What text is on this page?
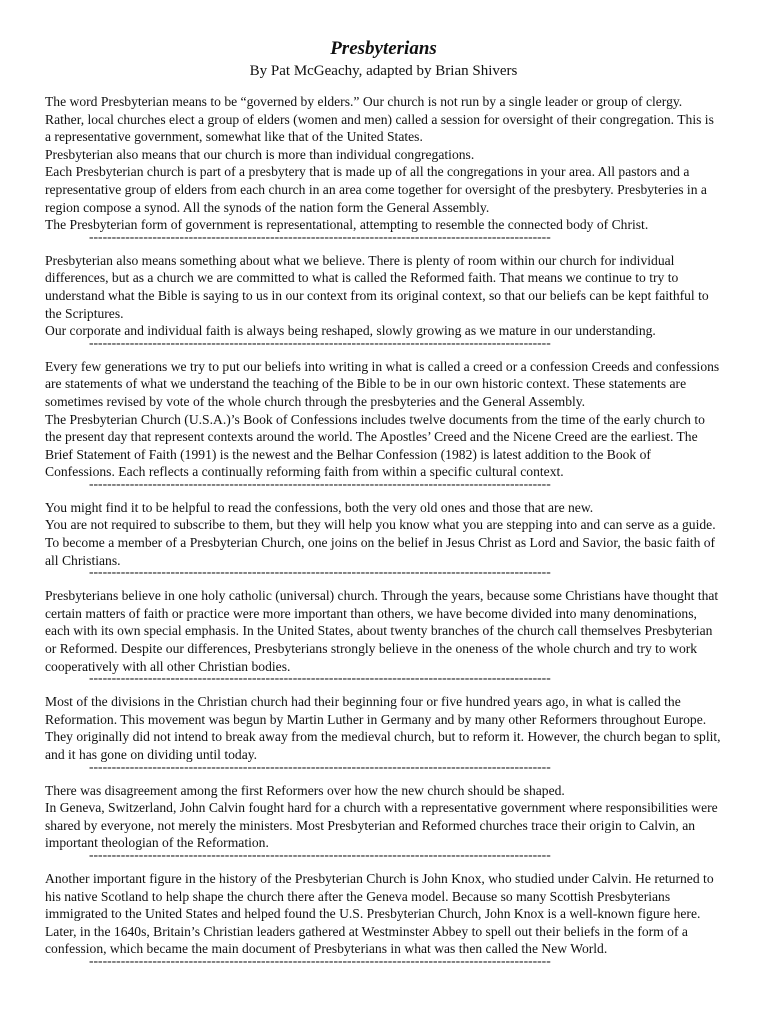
Presbyterians

By Pat McGeachy, adapted by Brian Shivers

The word Presbyterian means to be “governed by elders.” Our church is not run by a single leader or group of clergy. Rather, local churches elect a group of elders (women and men) called a session for oversight of their congregation. This is a representative government, somewhat like that of the United States.

Presbyterian also means that our church is more than individual congregations.

Each Presbyterian church is part of a presbytery that is made up of all the congregations in your area. All pastors and a representative group of elders from each church in an area come together for oversight of the presbytery. Presbyteries in a region compose a synod. All the synods of the nation form the General Assembly.

The Presbyterian form of government is representational, attempting to resemble the connected body of Christ.

------------------------------------------------------------------------------------------------------

Presbyterian also means something about what we believe. There is plenty of room within our church for individual differences, but as a church we are committed to what is called the Reformed faith. That means we continue to try to understand what the Bible is saying to us in our context from its original context, so that our beliefs can be kept faithful to the Scriptures.

Our corporate and individual faith is always being reshaped, slowly growing as we mature in our understanding.

------------------------------------------------------------------------------------------------------

Every few generations we try to put our beliefs into writing in what is called a creed or a confession Creeds and confessions are statements of what we understand the teaching of the Bible to be in our own historic context. These statements are sometimes revised by vote of the whole church through the presbyteries and the General Assembly.

The Presbyterian Church (U.S.A.)’s Book of Confessions includes twelve documents from the time of the early church to the present day that represent contexts around the world. The Apostles’ Creed and the Nicene Creed are the earliest. The Brief Statement of Faith (1991) is the newest and the Belhar Confession (1982) is latest addition to the Book of Confessions. Each reflects a continually reforming faith from within a specific cultural context.

------------------------------------------------------------------------------------------------------

You might find it to be helpful to read the confessions, both the very old ones and those that are new.

You are not required to subscribe to them, but they will help you know what you are stepping into and can serve as a guide. To become a member of a Presbyterian Church, one joins on the belief in Jesus Christ as Lord and Savior, the basic faith of all Christians.

------------------------------------------------------------------------------------------------------

Presbyterians believe in one holy catholic (universal) church. Through the years, because some Christians have thought that certain matters of faith or practice were more important than others, we have become divided into many denominations, each with its own special emphasis. In the United States, about twenty branches of the church call themselves Presbyterian or Reformed. Despite our differences, Presbyterians strongly believe in the oneness of the whole church and try to work cooperatively with all other Christian bodies.

------------------------------------------------------------------------------------------------------

Most of the divisions in the Christian church had their beginning four or five hundred years ago, in what is called the Reformation. This movement was begun by Martin Luther in Germany and by many other Reformers throughout Europe. They originally did not intend to break away from the medieval church, but to reform it. However, the church began to split, and it has gone on dividing until today.

------------------------------------------------------------------------------------------------------

There was disagreement among the first Reformers over how the new church should be shaped.

In Geneva, Switzerland, John Calvin fought hard for a church with a representative government where responsibilities were shared by everyone, not merely the ministers. Most Presbyterian and Reformed churches trace their origin to Calvin, an important theologian of the Reformation.

------------------------------------------------------------------------------------------------------

Another important figure in the history of the Presbyterian Church is John Knox, who studied under Calvin. He returned to his native Scotland to help shape the church there after the Geneva model. Because so many Scottish Presbyterians immigrated to the United States and helped found the U.S. Presbyterian Church, John Knox is a well-known figure here. Later, in the 1640s, Britain’s Christian leaders gathered at Westminster Abbey to spell out their beliefs in the form of a confession, which became the main document of Presbyterians in what was then called the New World.

------------------------------------------------------------------------------------------------------
